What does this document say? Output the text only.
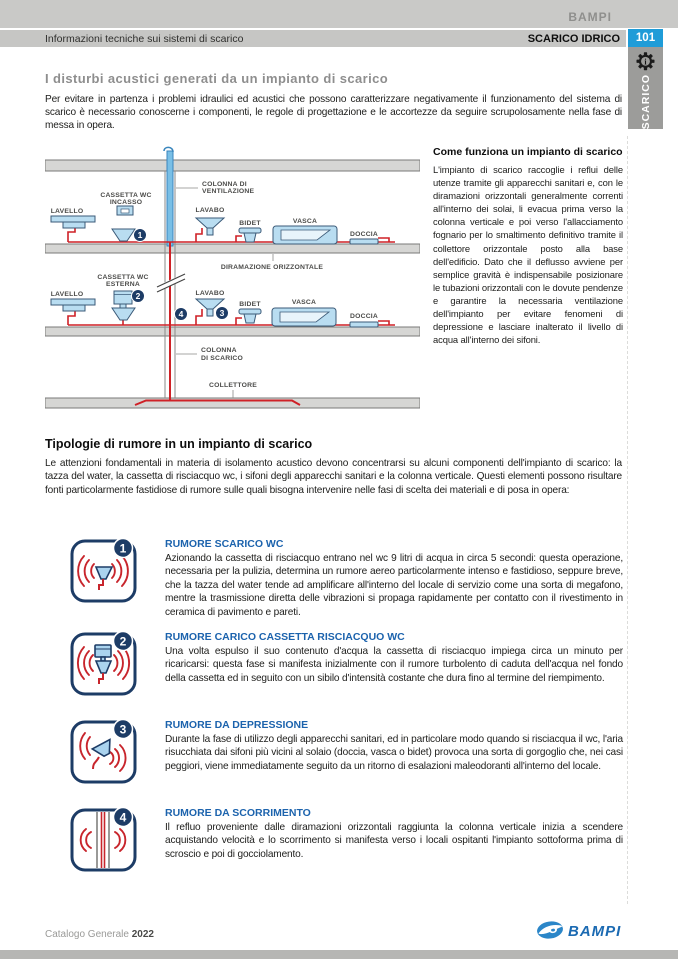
BAMPI
Informazioni tecniche sui sistemi di scarico	SCARICO IDRICO	101
i
SCARICO
I disturbi acustici generati da un impianto di scarico
Per evitare in partenza i problemi idraulici ed acustici che possono caratterizzare negativamente il funzionamento del sistema di scarico è necessario conoscerne i componenti, le regole di progettazione e le accortezze da seguire scrupolosamente nella fase di messa in opera.
LAVELLO
CASSETTA WC
INCASSO
COLONNA DI
VENTILAZIONE
LAVABO
BIDET	VASCA
DOCCIA
DIRAMAZIONE ORIZZONTALE
CASSETTA WC
ESTERNA
LAVELLO	LAVABO
BIDET	VASCA
DOCCIA
COLONNA
DI SCARICO
COLLETTORE
1
2
3
4
Come funziona un impianto di scarico
L'impianto di scarico raccoglie i reflui delle utenze tramite gli apparecchi sanitari e, con le diramazioni orizzontali generalmente correnti all'interno dei solai, li evacua prima verso la colonna verticale e poi verso l'allacciamento fognario per lo smaltimento definitivo tramite il collettore orizzontale posto alla base dell'edificio. Dato che il deflusso avviene per semplice gravità è indispensabile posizionare le tubazioni orizzontali con le dovute pendenze e garantire la necessaria ventilazione dell'impianto per evitare fenomeni di depressione e lasciare inalterato il livello di acqua all'interno dei sifoni.
Tipologie di rumore in un impianto di scarico
Le attenzioni fondamentali in materia di isolamento acustico devono concentrarsi su alcuni componenti dell'impianto di scarico: la tazza del water, la cassetta di risciacquo wc, i sifoni degli apparecchi sanitari e la colonna verticale. Questi elementi possono risultare fonti particolarmente fastidiose di rumore sulle quali bisogna intervenire nelle fasi di scelta dei materiali e di posa in opera:
1	RUMORE SCARICO WC
Azionando la cassetta di risciacquo entrano nel wc 9 litri di acqua in circa 5 secondi: questa operazione, necessaria per la pulizia, determina un rumore aereo particolarmente intenso e fastidioso, seppure breve, che la tazza del water tende ad amplificare all'interno del locale di servizio come una sorta di megafono, mentre la trasmissione diretta delle vibrazioni si propaga rapidamente per contatto con il rivestimento in ceramica di pavimento e pareti.
2	RUMORE CARICO CASSETTA RISCIACQUO WC
Una volta espulso il suo contenuto d'acqua la cassetta di risciacquo impiega circa un minuto per ricaricarsi: questa fase si manifesta inizialmente con il rumore turbolento di caduta dell'acqua nel fondo della cassetta ed in seguito con un sibilo d'intensità costante che dura fino al termine del riempimento.
3	RUMORE DA DEPRESSIONE
Durante la fase di utilizzo degli apparecchi sanitari, ed in particolare modo quando si risciacqua il wc, l'aria risucchiata dai sifoni più vicini al solaio (doccia, vasca o bidet) provoca una sorta di gorgoglio che, nei casi peggiori, viene immediatamente seguito da un ritorno di esalazioni maleodoranti all'interno del locale.
4	RUMORE DA SCORRIMENTO
Il refluo proveniente dalle diramazioni orizzontali raggiunta la colonna verticale inizia a scendere acquistando velocità e lo scorrimento si manifesta verso i locali ospitanti l'impianto sottoforma prima di scroscio e poi di gocciolamento.
Catalogo Generale 2022	BAMPI
